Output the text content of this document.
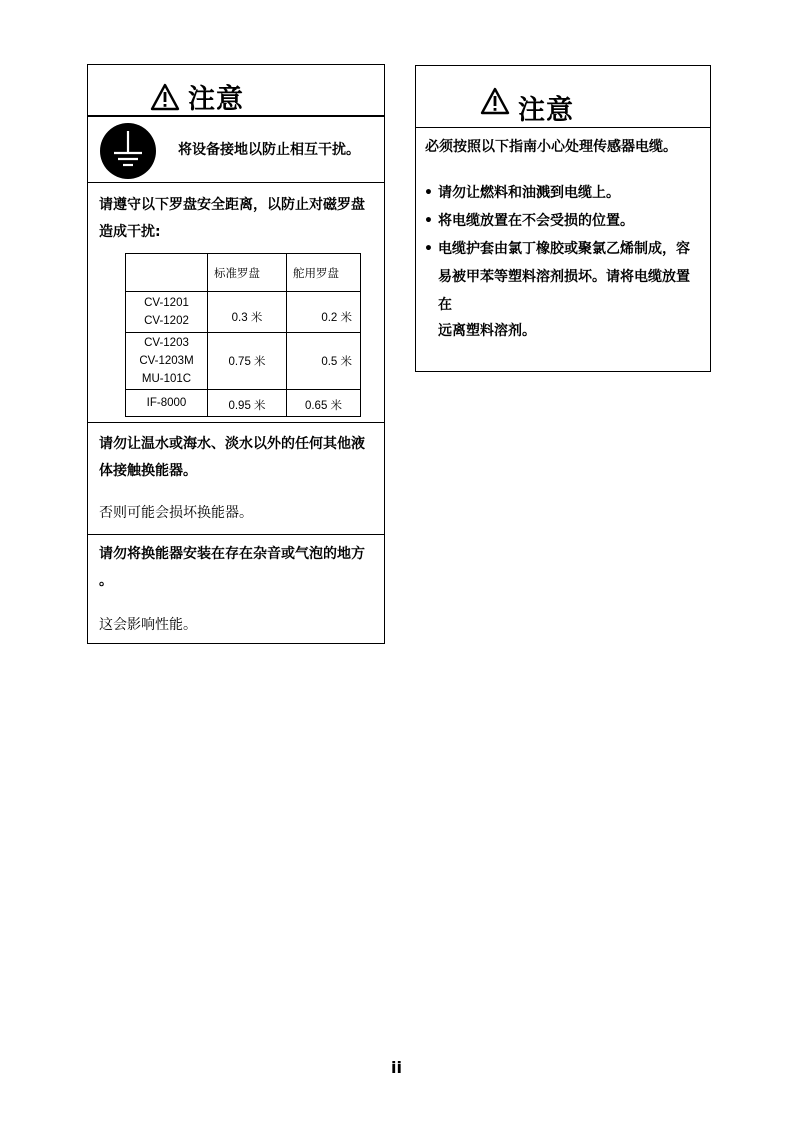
注意
将设备接地以防止相互干扰。
请遵守以下罗盘安全距离，以防止对磁罗盘
造成干扰:
	标准罗盘	舵用罗盘

CV-1201
CV-1202	0.3 米	0.2 米

CV-1203
CV-1203M
MU-101C	0.75 米	0.5 米

IF-8000	0.95 米	0.65 米
请勿让温水或海水、淡水以外的任何其他液
体接触换能器。
否则可能会损坏换能器。
请勿将换能器安装在存在杂音或气泡的地方
。
这会影响性能。
注意
必须按照以下指南小心处理传感器电缆。
• 请勿让燃料和油溅到电缆上。
• 将电缆放置在不会受损的位置。
• 电缆护套由氯丁橡胶或聚氯乙烯制成，容
易被甲苯等塑料溶剂损坏。请将电缆放置
在
远离塑料溶剂。
ii
